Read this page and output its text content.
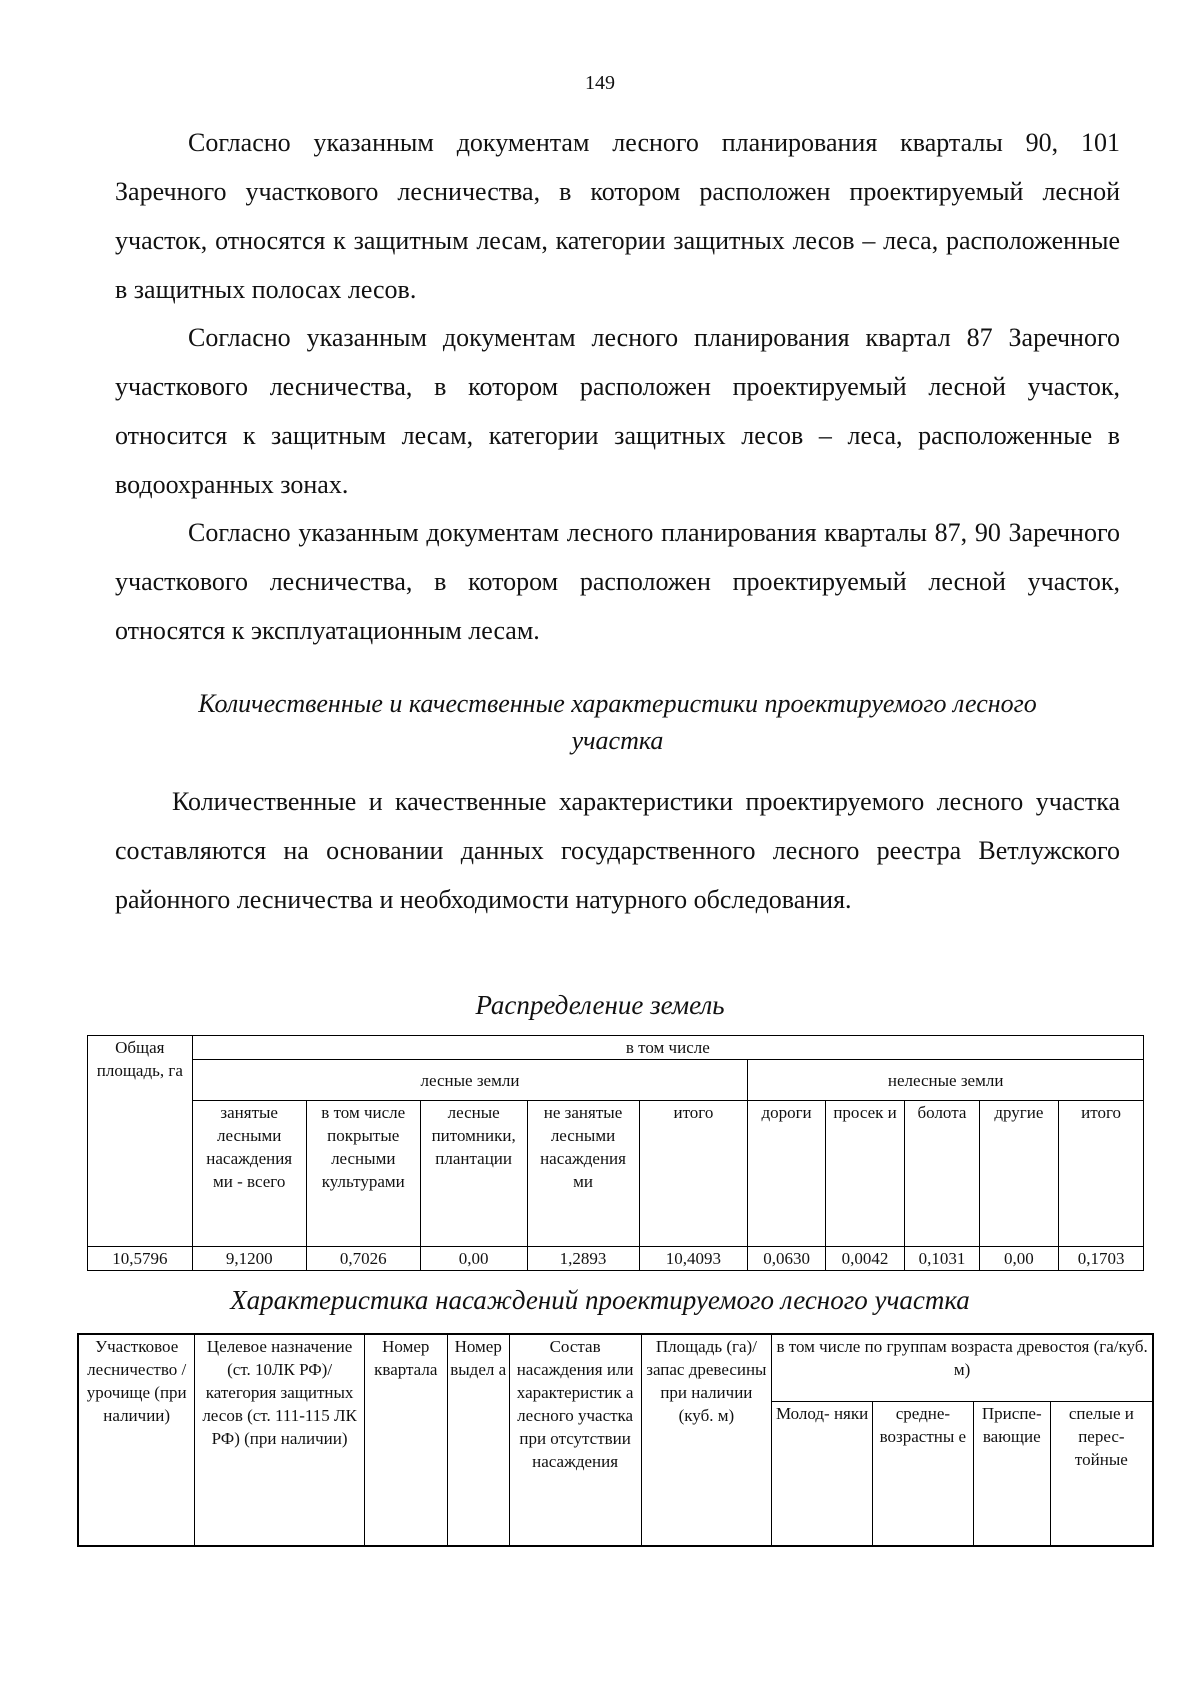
149

Согласно указанным документам лесного планирования кварталы 90, 101 Заречного участкового лесничества, в котором расположен проектируемый лесной участок, относятся к защитным лесам, категории защитных лесов – леса, расположенные в защитных полосах лесов.

Согласно указанным документам лесного планирования квартал 87 Заречного участкового лесничества, в котором расположен проектируемый лесной участок, относится к защитным лесам, категории защитных лесов – леса, расположенные в водоохранных зонах.

Согласно указанным документам лесного планирования кварталы 87, 90 Заречного участкового лесничества, в котором расположен проектируемый лесной участок, относятся к эксплуатационным лесам.

Количественные и качественные характеристики проектируемого лесного
участка

Количественные и качественные характеристики проектируемого лесного участка составляются на основании данных государственного лесного реестра Ветлужского районного лесничества и необходимости натурного обследования.

Распределение земель
Общая площадь, га	в том числе									
	лесные земли					нелесные земли				
	занятые лесными насаждения ми - всего	в том числе покрытые лесными культурами	лесные питомники, плантации	не занятые лесными насаждения ми	итого	дороги	просек и	болота	другие	итого
10,5796	9,1200	0,7026	0,00	1,2893	10,4093	0,0630	0,0042	0,1031	0,00	0,1703
Характеристика насаждений проектируемого лесного участка
Участковое лесничество / урочище (при наличии)	Целевое назначение (ст. 10ЛК РФ)/ категория защитных лесов (ст. 111-115 ЛК РФ) (при наличии)	Номер квартала	Номер выдел а	Состав насаждения или характеристик а лесного участка при отсутствии насаждения	Площадь (га)/ запас древесины при наличии (куб. м)	в том числе по группам возраста древостоя (га/куб. м)			
						Молод- няки	средне- возрастны е	Приспе- вающие	спелые и перес- тойные
